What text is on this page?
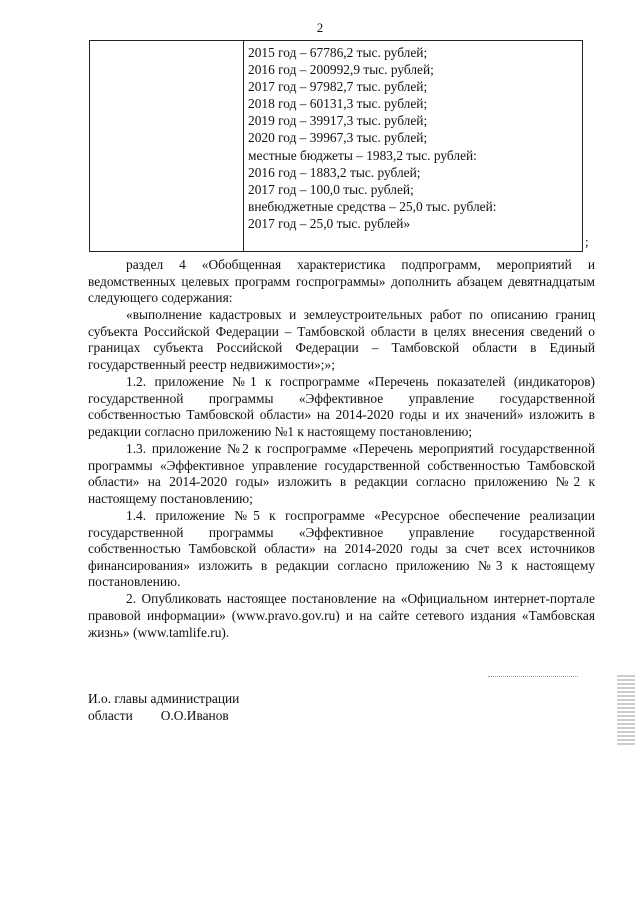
2
2015 год – 67786,2 тыс. рублей;
2016 год – 200992,9 тыс. рублей;
2017 год – 97982,7 тыс. рублей;
2018 год – 60131,3 тыс. рублей;
2019 год – 39917,3 тыс. рублей;
2020 год – 39967,3 тыс. рублей;
местные бюджеты – 1983,2 тыс. рублей:
2016 год – 1883,2 тыс. рублей;
2017 год – 100,0 тыс. рублей;
внебюджетные средства – 25,0 тыс. рублей:
2017 год – 25,0 тыс. рублей»
;

раздел 4 «Обобщенная характеристика подпрограмм, мероприятий и ведомственных целевых программ госпрограммы» дополнить абзацем девятнадцатым следующего содержания:

«выполнение кадастровых и землеустроительных работ по описанию границ субъекта Российской Федерации – Тамбовской области в целях внесения сведений о границах субъекта Российской Федерации – Тамбовской области в Единый государственный реестр недвижимости»;»;

1.2. приложение №1 к госпрограмме «Перечень показателей (индикаторов) государственной программы «Эффективное управление государственной собственностью Тамбовской области» на 2014-2020 годы и их значений» изложить в редакции согласно приложению №1 к настоящему постановлению;

1.3. приложение №2 к госпрограмме «Перечень мероприятий государственной программы «Эффективное управление государственной собственностью Тамбовской области» на 2014-2020 годы» изложить в редакции согласно приложению №2 к настоящему постановлению;

1.4. приложение №5 к госпрограмме «Ресурсное обеспечение реализации государственной программы «Эффективное управление государственной собственностью Тамбовской области» на 2014-2020 годы за счет всех источников финансирования» изложить в редакции согласно приложению №3 к настоящему постановлению.

2. Опубликовать настоящее постановление на «Официальном интернет-портале правовой информации» (www.pravo.gov.ru) и на сайте сетевого издания «Тамбовская жизнь» (www.tamlife.ru).

И.о. главы администрации
области О.О.Иванов
